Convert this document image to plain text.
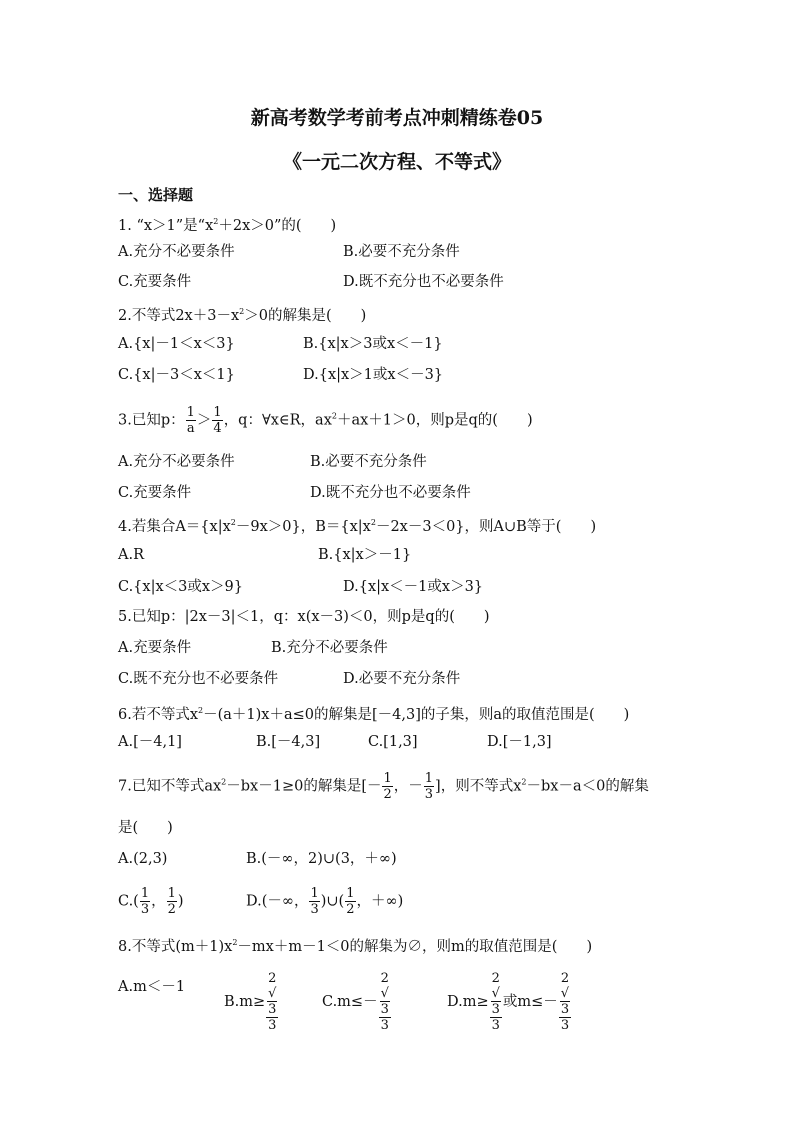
新高考数学考前考点冲刺精练卷05
《一元二次方程、不等式》
一、选择题
1. “x＞1”是“$x^2+2x>0$”的(　　)
A.充分不必要条件	B.必要不充分条件
C.充要条件	D.既不充分也不必要条件
2.不等式$2x+3-x^2>0$的解集是(　　)
A.{x|－1＜x＜3}	B.{x|x＞3或x＜－1}
C.{x|－3＜x＜1}	D.{x|x＞1或x＜－3}
3.已知p： $\frac{1}{a} > \frac{1}{4}$ ，q：∀x∈R，$ax^2+ax+1>0$，则p是q的(　　)
A.充分不必要条件	B.必要不充分条件
C.充要条件	D.既不充分也不必要条件
4.若集合$A=\{x|x^2-9x>0\}$，$B=\{x|x^2-2x-3<0\}$，则A∪B等于(　　)
A.R	B.{x|x＞－1}
C.{x|x＜3或x＞9}	D.{x|x＜－1或x＞3}
5.已知p：|2x－3|＜1，q：x(x－3)＜0，则p是q的(　　)
A.充要条件	B.充分不必要条件
C.既不充分也不必要条件	D.必要不充分条件
6.若不等式$x^2-(a+1)x+a\le 0$的解集是[－4,3]的子集，则a的取值范围是(　　)
A.[－4,1]	B.[－4,3]	C.[1,3]	D.[－1,3]
7.已知不等式$ax^2-bx-1\ge 0$的解集是[－ $\frac{1}{2}$ ，－ $\frac{1}{3}$ ]，则不等式$x^2-bx-a<0$的解集
是(　　)
A.(2,3)	B.(－∞，2)∪(3，＋∞)
$C.( \frac{1}{3}$ ， $\frac{1}{2}$ )	D.(－∞， $\frac{1}{3}$ )∪( $\frac{1}{2}$ ，＋∞)
8.不等式$(m+1)x^2-mx+m-1<0$的解集为∅，则m的取值范围是(　　)
A.m＜－1
B.m≥ 2
√
3
3	C.m≤－ 2
√
3
3	D.m≥ 2
√
3
3 或m≤－ 2
√
3
3
